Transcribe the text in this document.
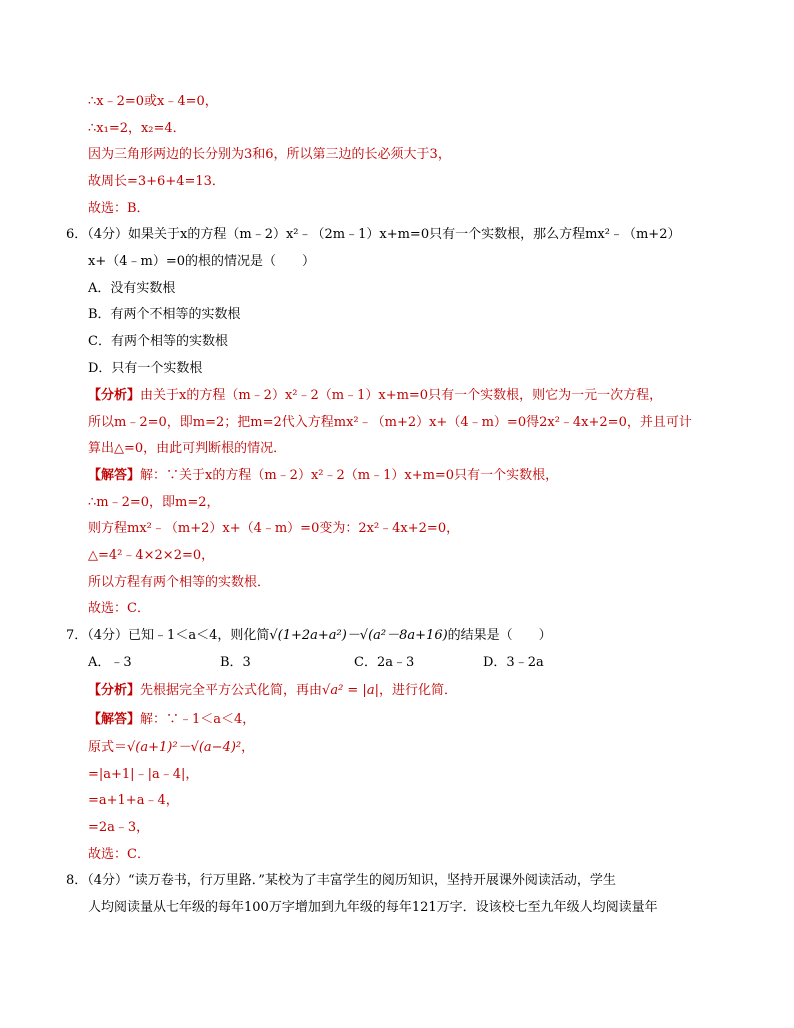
∴x﹣2=0或x﹣4=0，
∴x₁=2，x₂=4．
因为三角形两边的长分别为3和6，所以第三边的长必须大于3，
故周长=3+6+4=13．
故选：B．
6．（4分）如果关于x的方程（m﹣2）x²﹣（2m﹣1）x+m=0只有一个实数根，那么方程mx²﹣（m+2）
x+（4﹣m）=0的根的情况是（　　）
A．没有实数根
B．有两个不相等的实数根
C．有两个相等的实数根
D．只有一个实数根
【分析】由关于x的方程（m﹣2）x²﹣2（m﹣1）x+m=0只有一个实数根，则它为一元一次方程，
所以m﹣2=0，即m=2；把m=2代入方程mx²﹣（m+2）x+（4﹣m）=0得2x²﹣4x+2=0，并且可计
算出△=0，由此可判断根的情况．
【解答】解：∵关于x的方程（m﹣2）x²﹣2（m﹣1）x+m=0只有一个实数根，
∴m﹣2=0，即m=2，
则方程mx²﹣（m+2）x+（4﹣m）=0变为：2x²﹣4x+2=0，
△=4²﹣4×2×2=0，
所以方程有两个相等的实数根．
故选：C．
7．（4分）已知﹣1＜a＜4，则化简√(1+2a+a²)－√(a²－8a+16)的结果是（　　）
A．﹣3	B．3	C．2a﹣3	D．3﹣2a
【分析】先根据完全平方公式化简，再由√a² = |a|，进行化简．
【解答】解：∵﹣1＜a＜4，
原式＝√(a+1)²－√(a−4)²，
=|a+1|﹣|a﹣4|，
=a+1+a﹣4，
=2a﹣3，
故选：C．
8．（4分）“读万卷书，行万里路．”某校为了丰富学生的阅历知识，坚持开展课外阅读活动，学生
人均阅读量从七年级的每年100万字增加到九年级的每年121万字．设该校七至九年级人均阅读量年
